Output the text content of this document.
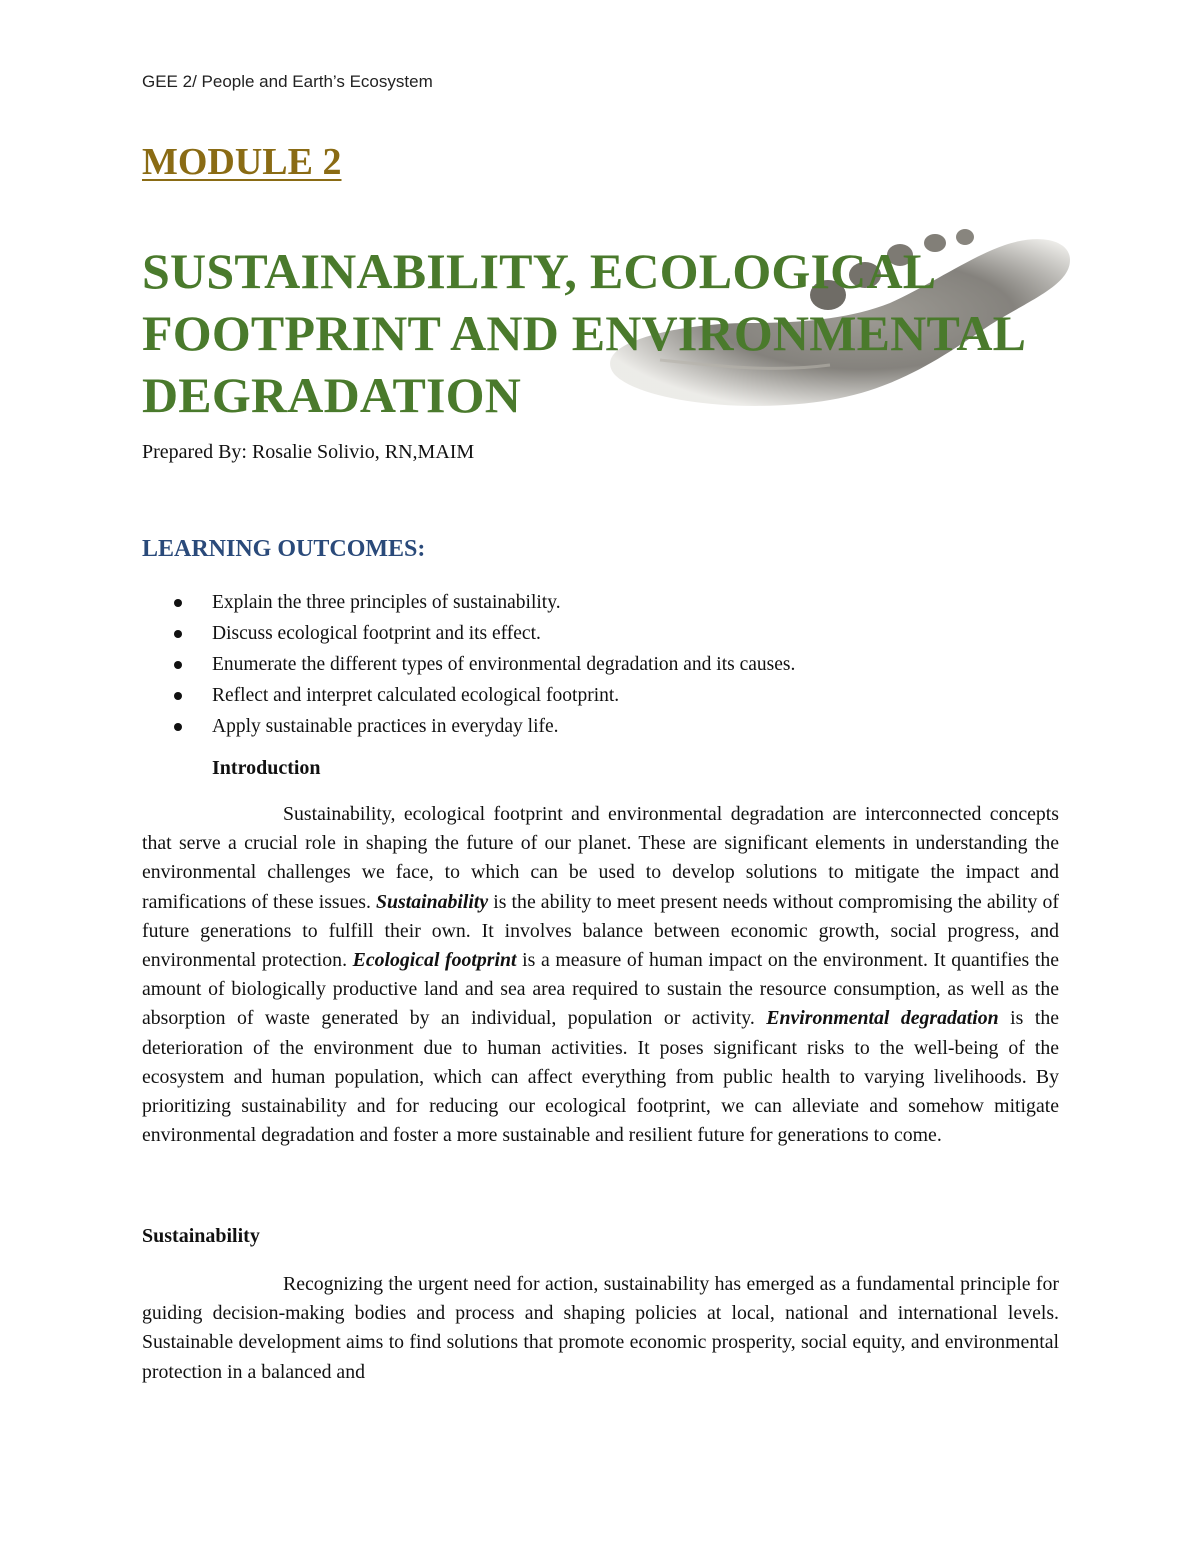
GEE 2/ People and Earth’s Ecosystem
MODULE 2
SUSTAINABILITY, ECOLOGICAL
FOOTPRINT AND ENVIRONMENTAL
DEGRADATION
Prepared By: Rosalie Solivio, RN,MAIM
LEARNING OUTCOMES:
Explain the three principles of sustainability.
Discuss ecological footprint and its effect.
Enumerate the different types of environmental degradation and its causes.
Reflect and interpret calculated ecological footprint.
Apply sustainable practices in everyday life.
Introduction

Sustainability, ecological footprint and environmental degradation are interconnected concepts that serve a crucial role in shaping the future of our planet. These are significant elements in understanding the environmental challenges we face, to which can be used to develop solutions to mitigate the impact and ramifications of these issues. Sustainability is the ability to meet present needs without compromising the ability of future generations to fulfill their own. It involves balance between economic growth, social progress, and environmental protection. Ecological footprint is a measure of human impact on the environment. It quantifies the amount of biologically productive land and sea area required to sustain the resource consumption, as well as the absorption of waste generated by an individual, population or activity. Environmental degradation is the deterioration of the environment due to human activities. It poses significant risks to the well-being of the ecosystem and human population, which can affect everything from public health to varying livelihoods. By prioritizing sustainability and for reducing our ecological footprint, we can alleviate and somehow mitigate environmental degradation and foster a more sustainable and resilient future for generations to come.

Sustainability

Recognizing the urgent need for action, sustainability has emerged as a fundamental principle for guiding decision-making bodies and process and shaping policies at local, national and international levels. Sustainable development aims to find solutions that promote economic prosperity, social equity, and environmental protection in a balanced and
